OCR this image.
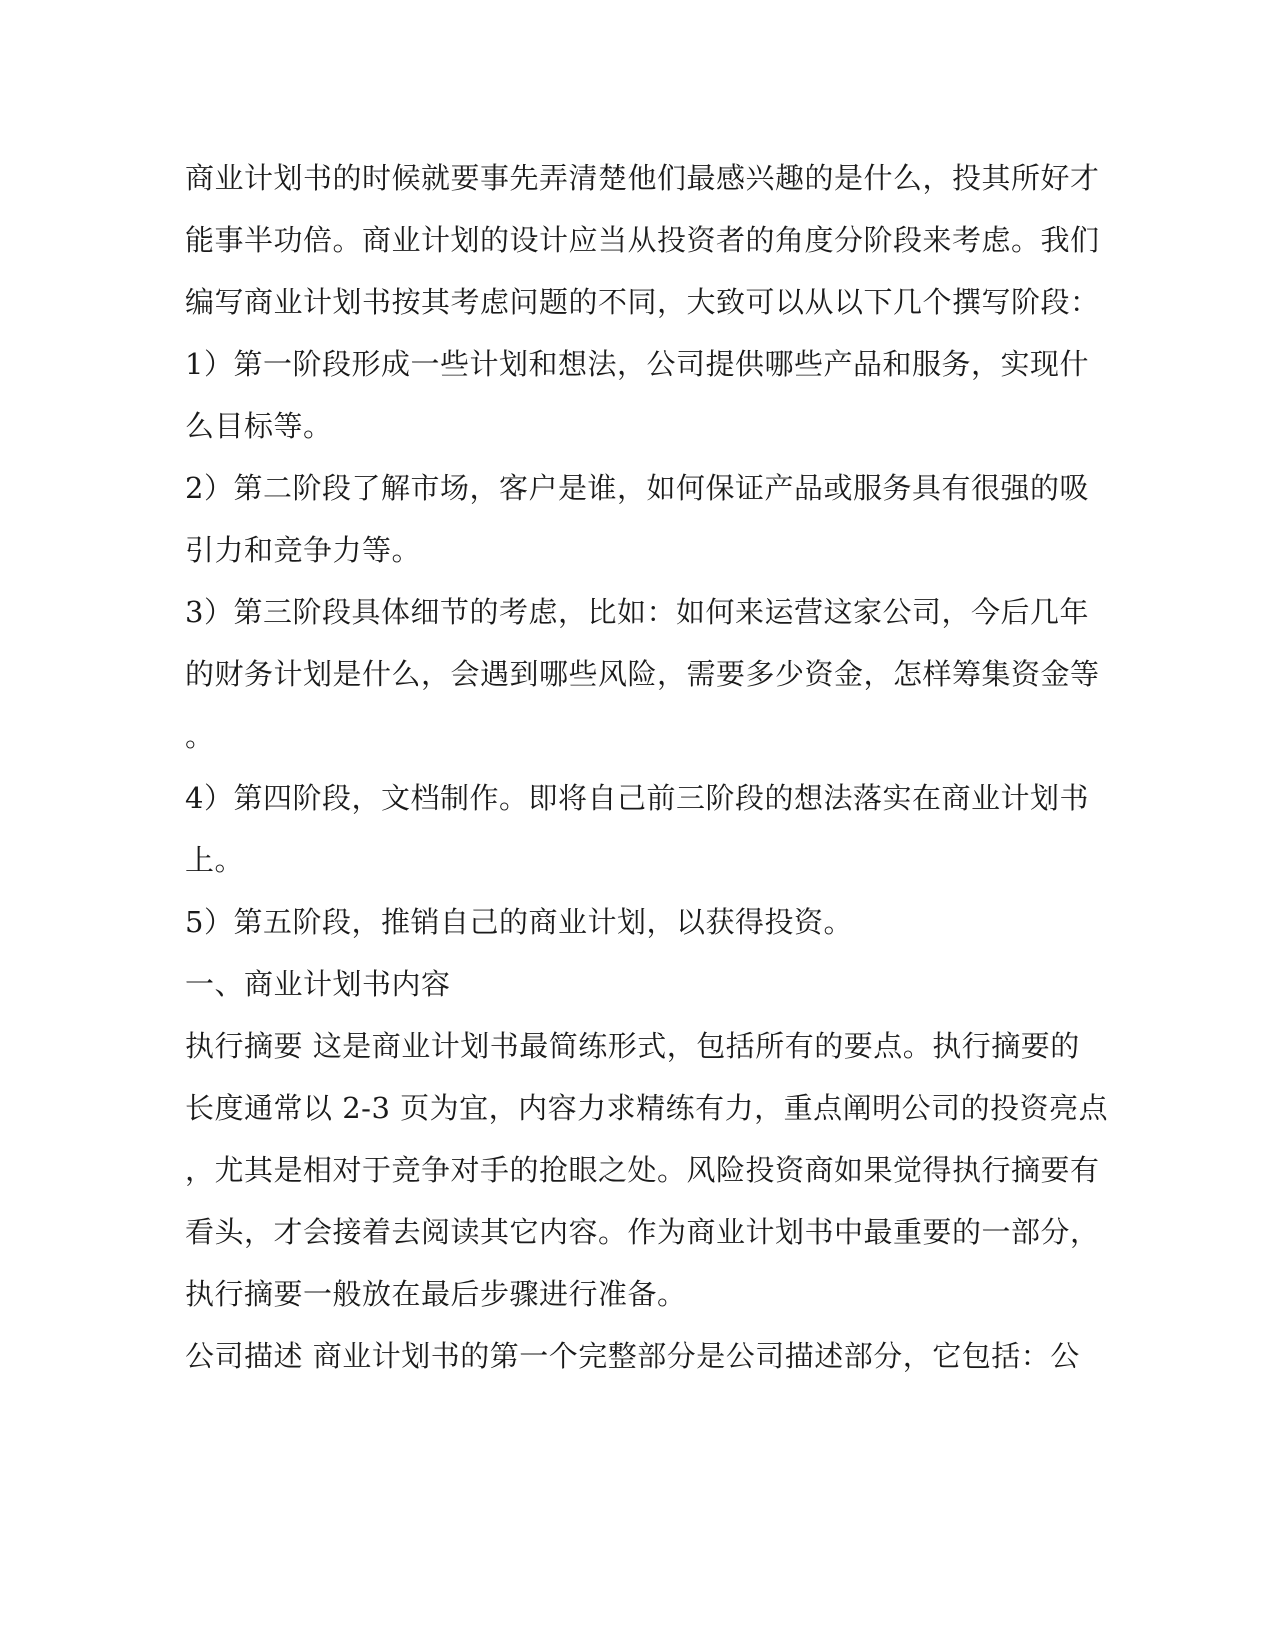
商业计划书的时候就要事先弄清楚他们最感兴趣的是什么，投其所好才
能事半功倍。商业计划的设计应当从投资者的角度分阶段来考虑。我们
编写商业计划书按其考虑问题的不同，大致可以从以下几个撰写阶段：
1）第一阶段形成一些计划和想法，公司提供哪些产品和服务，实现什
么目标等。
2）第二阶段了解市场，客户是谁，如何保证产品或服务具有很强的吸
引力和竞争力等。
3）第三阶段具体细节的考虑，比如：如何来运营这家公司，今后几年
的财务计划是什么，会遇到哪些风险，需要多少资金，怎样筹集资金等
。
4）第四阶段，文档制作。即将自己前三阶段的想法落实在商业计划书
上。
5）第五阶段，推销自己的商业计划，以获得投资。
一、商业计划书内容
执行摘要 这是商业计划书最简练形式，包括所有的要点。执行摘要的
长度通常以 2-3 页为宜，内容力求精练有力，重点阐明公司的投资亮点
，尤其是相对于竞争对手的抢眼之处。风险投资商如果觉得执行摘要有
看头，才会接着去阅读其它内容。作为商业计划书中最重要的一部分，
执行摘要一般放在最后步骤进行准备。
公司描述 商业计划书的第一个完整部分是公司描述部分，它包括：公
